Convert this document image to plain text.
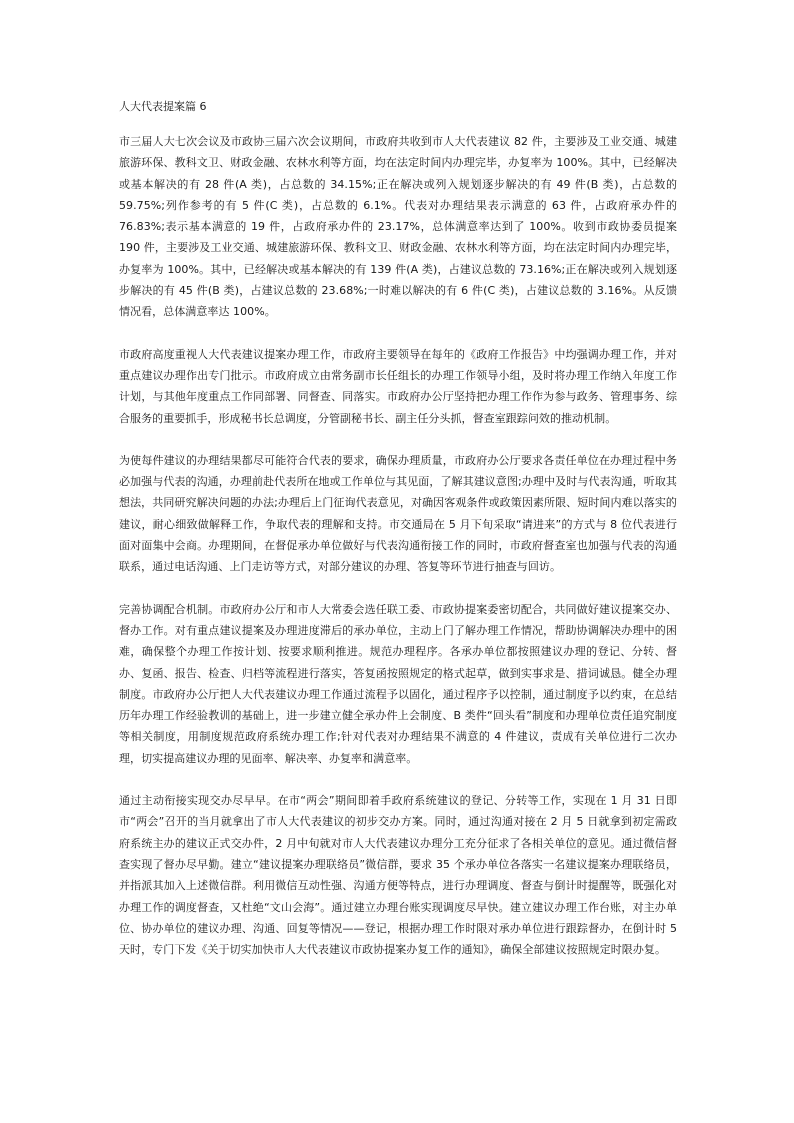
人大代表提案篇 6

市三届人大七次会议及市政协三届六次会议期间，市政府共收到市人大代表建议 82 件，主要涉及工业交通、城建旅游环保、教科文卫、财政金融、农林水利等方面，均在法定时间内办理完毕，办复率为 100%。其中，已经解决或基本解决的有 28 件(A 类)，占总数的 34.15%;正在解决或列入规划逐步解决的有 49 件(B 类)，占总数的 59.75%;列作参考的有 5 件(C 类)，占总数的 6.1%。代表对办理结果表示满意的 63 件，占政府承办件的 76.83%;表示基本满意的 19 件，占政府承办件的 23.17%，总体满意率达到了 100%。收到市政协委员提案 190 件，主要涉及工业交通、城建旅游环保、教科文卫、财政金融、农林水利等方面，均在法定时间内办理完毕，办复率为 100%。其中，已经解决或基本解决的有 139 件(A 类)，占建议总数的 73.16%;正在解决或列入规划逐步解决的有 45 件(B 类)，占建议总数的 23.68%;一时难以解决的有 6 件(C 类)，占建议总数的 3.16%。从反馈情况看，总体满意率达 100%。

市政府高度重视人大代表建议提案办理工作，市政府主要领导在每年的《政府工作报告》中均强调办理工作，并对重点建议办理作出专门批示。市政府成立由常务副市长任组长的办理工作领导小组，及时将办理工作纳入年度工作计划，与其他年度重点工作同部署、同督查、同落实。市政府办公厅坚持把办理工作作为参与政务、管理事务、综合服务的重要抓手，形成秘书长总调度，分管副秘书长、副主任分头抓，督查室跟踪问效的推动机制。

为使每件建议的办理结果都尽可能符合代表的要求，确保办理质量，市政府办公厅要求各责任单位在办理过程中务必加强与代表的沟通，办理前赴代表所在地或工作单位与其见面，了解其建议意图;办理中及时与代表沟通，听取其想法，共同研究解决问题的办法;办理后上门征询代表意见，对确因客观条件或政策因素所限、短时间内难以落实的建议，耐心细致做解释工作，争取代表的理解和支持。市交通局在 5 月下旬采取“请进来”的方式与 8 位代表进行面对面集中会商。办理期间，在督促承办单位做好与代表沟通衔接工作的同时，市政府督查室也加强与代表的沟通联系，通过电话沟通、上门走访等方式，对部分建议的办理、答复等环节进行抽查与回访。

完善协调配合机制。市政府办公厅和市人大常委会选任联工委、市政协提案委密切配合，共同做好建议提案交办、督办工作。对有重点建议提案及办理进度滞后的承办单位，主动上门了解办理工作情况，帮助协调解决办理中的困难，确保整个办理工作按计划、按要求顺利推进。规范办理程序。各承办单位都按照建议办理的登记、分转、督办、复函、报告、检查、归档等流程进行落实，答复函按照规定的格式起草，做到实事求是、措词诚恳。健全办理制度。市政府办公厅把人大代表建议办理工作通过流程予以固化，通过程序予以控制，通过制度予以约束，在总结历年办理工作经验教训的基础上，进一步建立健全承办件上会制度、B 类件“回头看”制度和办理单位责任追究制度等相关制度，用制度规范政府系统办理工作;针对代表对办理结果不满意的 4 件建议，责成有关单位进行二次办理，切实提高建议办理的见面率、解决率、办复率和满意率。

通过主动衔接实现交办尽早早。在市“两会”期间即着手政府系统建议的登记、分转等工作，实现在 1 月 31 日即市“两会”召开的当月就拿出了市人大代表建议的初步交办方案。同时，通过沟通对接在 2 月 5 日就拿到初定需政府系统主办的建议正式交办件，2 月中旬就对市人大代表建议办理分工充分征求了各相关单位的意见。通过微信督查实现了督办尽早勤。建立“建议提案办理联络员”微信群，要求 35 个承办单位各落实一名建议提案办理联络员，并指派其加入上述微信群。利用微信互动性强、沟通方便等特点，进行办理调度、督查与倒计时提醒等，既强化对办理工作的调度督查，又杜绝“文山会海”。通过建立办理台账实现调度尽早快。建立建议办理工作台账，对主办单位、协办单位的建议办理、沟通、回复等情况——登记，根据办理工作时限对承办单位进行跟踪督办，在倒计时 5 天时，专门下发《关于切实加快市人大代表建议市政协提案办复工作的通知》，确保全部建议按照规定时限办复。
